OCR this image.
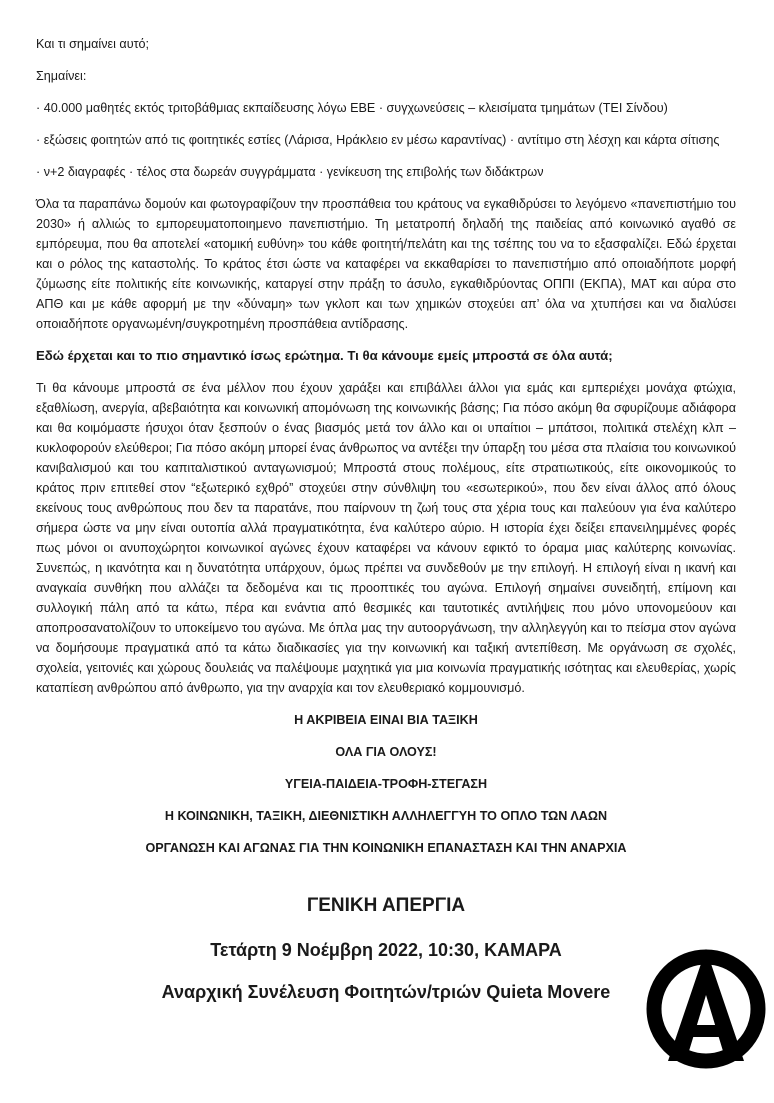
Και τι σημαίνει αυτό;

Σημαίνει:

· 40.000 μαθητές εκτός τριτοβάθμιας εκπαίδευσης λόγω ΕΒΕ · συγχωνεύσεις – κλεισίματα τμημάτων (ΤΕΙ Σίνδου)

· εξώσεις φοιτητών από τις φοιτητικές εστίες (Λάρισα, Ηράκλειο εν μέσω καραντίνας) · αντίτιμο στη λέσχη και κάρτα σίτισης

· ν+2 διαγραφές · τέλος στα δωρεάν συγγράμματα · γενίκευση της επιβολής των διδάκτρων

Όλα τα παραπάνω δομούν και φωτογραφίζουν την προσπάθεια του κράτους να εγκαθιδρύσει το λεγόμενο «πανεπιστήμιο του 2030» ή αλλιώς το εμπορευματοποιημενο πανεπιστήμιο. Τη μετατροπή δηλαδή της παιδείας από κοινωνικό αγαθό σε εμπόρευμα, που θα αποτελεί «ατομική ευθύνη» του κάθε φοιτητή/πελάτη και της τσέπης του να το εξασφαλίζει. Εδώ έρχεται και ο ρόλος της καταστολής. Το κράτος έτσι ώστε να καταφέρει να εκκαθαρίσει το πανεπιστήμιο από οποιαδήποτε μορφή ζύμωσης είτε πολιτικής είτε κοινωνικής, καταργεί στην πράξη το άσυλο, εγκαθιδρύοντας ΟΠΠΙ (ΕΚΠΑ), ΜΑΤ και αύρα στο ΑΠΘ και με κάθε αφορμή με την «δύναμη» των γκλοπ και των χημικών στοχεύει απ’ όλα να χτυπήσει και να διαλύσει οποιαδήποτε οργανωμένη/συγκροτημένη προσπάθεια αντίδρασης.

Εδώ έρχεται και το πιο σημαντικό ίσως ερώτημα. Τι θα κάνουμε εμείς μπροστά σε όλα αυτά;

Τι θα κάνουμε μπροστά σε ένα μέλλον που έχουν χαράξει και επιβάλλει άλλοι για εμάς και εμπεριέχει μονάχα φτώχια, εξαθλίωση, ανεργία, αβεβαιότητα και κοινωνική απομόνωση της κοινωνικής βάσης; Για πόσο ακόμη θα σφυρίζουμε αδιάφορα και θα κοιμόμαστε ήσυχοι όταν ξεσπούν ο ένας βιασμός μετά τον άλλο και οι υπαίτιοι – μπάτσοι, πολιτικά στελέχη κλπ – κυκλοφορούν ελεύθεροι; Για πόσο ακόμη μπορεί ένας άνθρωπος να αντέξει την ύπαρξη του μέσα στα πλαίσια του κοινωνικού κανιβαλισμού και του καπιταλιστικού ανταγωνισμού; Μπροστά στους πολέμους, είτε στρατιωτικούς, είτε οικονομικούς το κράτος πριν επιτεθεί στον “εξωτερικό εχθρό” στοχεύει στην σύνθλιψη του «εσωτερικού», που δεν είναι άλλος από όλους εκείνους τους ανθρώπους που δεν τα παρατάνε, που παίρνουν τη ζωή τους στα χέρια τους και παλεύουν για ένα καλύτερο σήμερα ώστε να μην είναι ουτοπία αλλά πραγματικότητα, ένα καλύτερο αύριο. Η ιστορία έχει δείξει επανειλημμένες φορές πως μόνοι οι ανυποχώρητοι κοινωνικοί αγώνες έχουν καταφέρει να κάνουν εφικτό το όραμα μιας καλύτερης κοινωνίας. Συνεπώς, η ικανότητα και η δυνατότητα υπάρχουν, όμως πρέπει να συνδεθούν με την επιλογή. Η επιλογή είναι η ικανή και αναγκαία συνθήκη που αλλάζει τα δεδομένα και τις προοπτικές του αγώνα. Επιλογή σημαίνει συνειδητή, επίμονη και συλλογική πάλη από τα κάτω, πέρα και ενάντια από θεσμικές και ταυτοτικές αντιλήψεις που μόνο υπονομεύουν και αποπροσανατολίζουν το υποκείμενο του αγώνα. Με όπλα μας την αυτοοργάνωση, την αλληλεγγύη και το πείσμα στον αγώνα να δομήσουμε πραγματικά από τα κάτω διαδικασίες για την κοινωνική και ταξική αντεπίθεση. Με οργάνωση σε σχολές, σχολεία, γειτονιές και χώρους δουλειάς να παλέψουμε μαχητικά για μια κοινωνία πραγματικής ισότητας και ελευθερίας, χωρίς καταπίεση ανθρώπου από άνθρωπο, για την αναρχία και τον ελευθεριακό κομμουνισμό.

Η ΑΚΡΙΒΕΙΑ ΕΙΝΑΙ ΒΙΑ ΤΑΞΙΚΗ
ΟΛΑ ΓΙΑ ΟΛΟΥΣ!
ΥΓΕΙΑ-ΠΑΙΔΕΙΑ-ΤΡΟΦΗ-ΣΤΕΓΑΣΗ
Η ΚΟΙΝΩΝΙΚΗ, ΤΑΞΙΚΗ, ΔΙΕΘΝΙΣΤΙΚΗ ΑΛΛΗΛΕΓΓΥΗ ΤΟ ΟΠΛΟ ΤΩΝ ΛΑΩΝ
ΟΡΓΑΝΩΣΗ ΚΑΙ ΑΓΩΝΑΣ ΓΙΑ ΤΗΝ ΚΟΙΝΩΝΙΚΗ ΕΠΑΝΑΣΤΑΣΗ ΚΑΙ ΤΗΝ ΑΝΑΡΧΙΑ
ΓΕΝΙΚΗ ΑΠΕΡΓΙΑ
Τετάρτη 9 Νοέμβρη 2022, 10:30, ΚΑΜΑΡΑ
Αναρχική Συνέλευση Φοιτητών/τριών Quieta Movere
